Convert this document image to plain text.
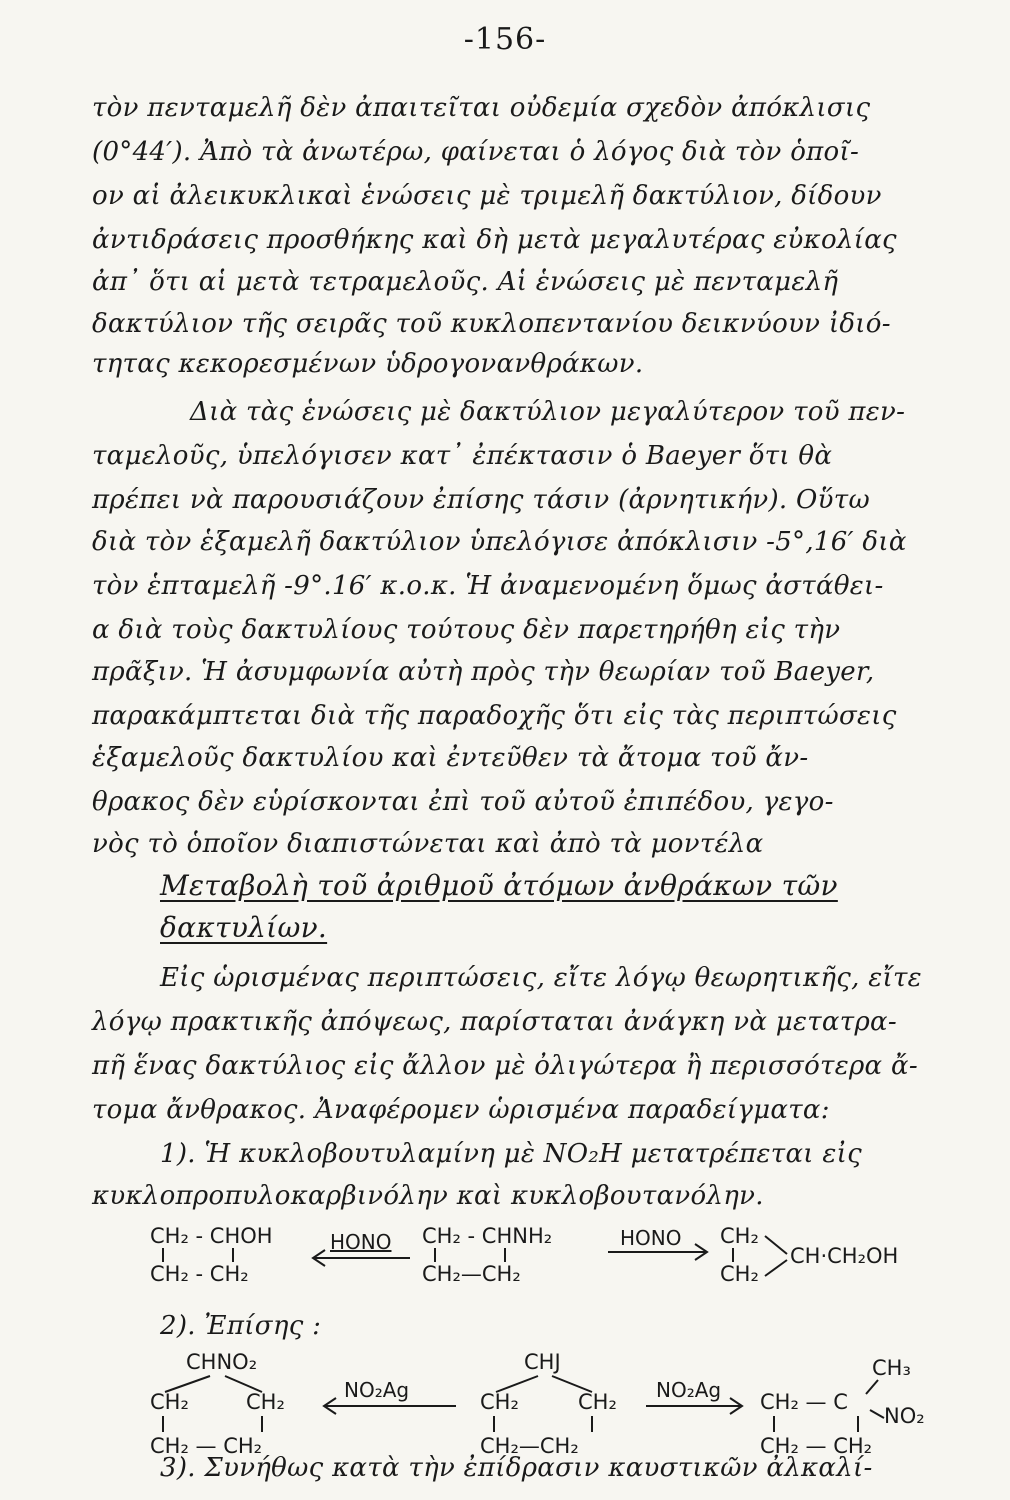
-156-
τὸν πενταμελῆ δὲν ἀπαιτεῖται οὐδεμία σχεδὸν ἀπόκλισις
(0°44′). Ἀπὸ τὰ ἀνωτέρω, φαίνεται ὁ λόγος διὰ τὸν ὁποῖ-
ον αἱ ἀλεικυκλικαὶ ἑνώσεις μὲ τριμελῆ δακτύλιον, δίδουν
ἀντιδράσεις προσθήκης καὶ δὴ μετὰ μεγαλυτέρας εὐκολίας
ἀπ᾽ ὅτι αἱ μετὰ τετραμελοῦς. Αἱ ἑνώσεις μὲ πενταμελῆ
δακτύλιον τῆς σειρᾶς τοῦ κυκλοπεντανίου δεικνύουν ἰδιό-
τητας κεκορεσμένων ὑδρογονανθράκων.
Διὰ τὰς ἑνώσεις μὲ δακτύλιον μεγαλύτερον τοῦ πεν-
ταμελοῦς, ὑπελόγισεν κατ᾽ ἐπέκτασιν ὁ Baeyer ὅτι θὰ
πρέπει νὰ παρουσιάζουν ἐπίσης τάσιν (ἀρνητικήν). Οὕτω
διὰ τὸν ἑξαμελῆ δακτύλιον ὑπελόγισε ἀπόκλισιν -5°,16′ διὰ
τὸν ἑπταμελῆ -9°.16′ κ.ο.κ. Ἡ ἀναμενομένη ὅμως ἀστάθει-
α διὰ τοὺς δακτυλίους τούτους δὲν παρετηρήθη εἰς τὴν
πρᾶξιν. Ἡ ἀσυμφωνία αὐτὴ πρὸς τὴν θεωρίαν τοῦ Baeyer,
παρακάμπτεται διὰ τῆς παραδοχῆς ὅτι εἰς τὰς περιπτώσεις
ἑξαμελοῦς δακτυλίου καὶ ἐντεῦθεν τὰ ἄτομα τοῦ ἄν-
θρακος δὲν εὑρίσκονται ἐπὶ τοῦ αὐτοῦ ἐπιπέδου, γεγο-
νὸς τὸ ὁποῖον διαπιστώνεται καὶ ἀπὸ τὰ μοντέλα
Μεταβολὴ τοῦ ἀριθμοῦ ἀτόμων ἀνθράκων τῶν
δακτυλίων.
Εἰς ὡρισμένας περιπτώσεις, εἴτε λόγῳ θεωρητικῆς, εἴτε
λόγῳ πρακτικῆς ἀπόψεως, παρίσταται ἀνάγκη νὰ μετατρα-
πῆ ἕνας δακτύλιος εἰς ἄλλον μὲ ὀλιγώτερα ἢ περισσότερα ἄ-
τομα ἄνθρακος. Ἀναφέρομεν ὡρισμένα παραδείγματα:
1). Ἡ κυκλοβουτυλαμίνη μὲ NO₂H μετατρέπεται εἰς
κυκλοπροπυλοκαρβινόλην καὶ κυκλοβουτανόλην.
CH₂ - CHOH
CH₂ - CH₂
HONO CH₂ - CHNH₂
CH₂—CH₂
HONO CH₂
CH₂
CH·CH₂OH
2). Ἐπίσης :
CHNO₂
CH₂	CH₂
CH₂ — CH₂
NO₂Ag
CHJ
CH₂	CH₂
CH₂—CH₂
NO₂Ag
CH₃
CH₂ — C
NO₂
CH₂ — CH₂
3). Συνήθως κατὰ τὴν ἐπίδρασιν καυστικῶν ἀλκαλί-
